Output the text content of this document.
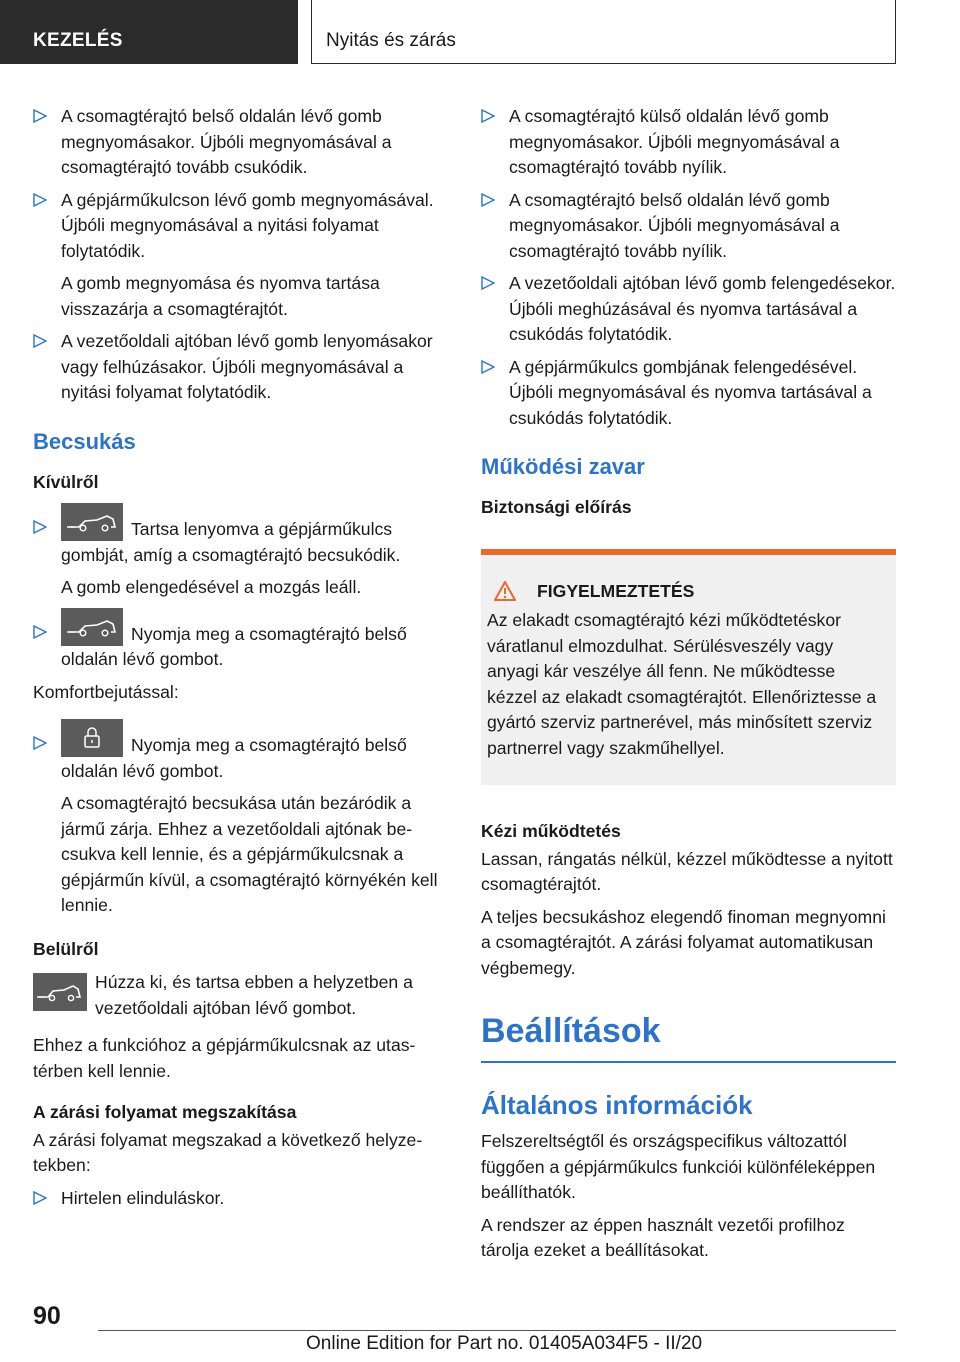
KEZELÉS	Nyitás és zárás
A csomagtérajtó belső oldalán lévő gomb megnyomásakor. Újbóli megnyomásával a csomagtérajtó tovább csukódik.
A gépjárműkulcson lévő gomb megnyomásával. Újbóli megnyomásával a nyitási folyamat folytatódik.
A gomb megnyomása és nyomva tartása visszazárja a csomagtérajtót.
A vezetőoldali ajtóban lévő gomb lenyomásakor vagy felhúzásakor. Újbóli megnyomásával a nyitási folyamat folytatódik.
Becsukás
Kívülről
Tartsa lenyomva a gépjárműkulcs gombját, amíg a csomagtérajtó becsukódik.
A gomb elengedésével a mozgás leáll.
Nyomja meg a csomagtérajtó belső oldalán lévő gombot.
Komfortbejutással:
Nyomja meg a csomagtérajtó belső oldalán lévő gombot.
A csomagtérajtó becsukása után bezáródik a jármű zárja. Ehhez a vezetőoldali ajtónak becsukva kell lennie, és a gépjárműkulcsnak a gépjárműn kívül, a csomagtérajtó környékén kell lennie.
Belülről
Húzza ki, és tartsa ebben a helyzetben a vezetőoldali ajtóban lévő gombot.
Ehhez a funkcióhoz a gépjárműkulcsnak az utastérben kell lennie.
A zárási folyamat megszakítása
A zárási folyamat megszakad a következő helyzetekben:
Hirtelen elinduláskor.
A csomagtérajtó külső oldalán lévő gomb megnyomásakor. Újbóli megnyomásával a csomagtérajtó tovább nyílik.
A csomagtérajtó belső oldalán lévő gomb megnyomásakor. Újbóli megnyomásával a csomagtérajtó tovább nyílik.
A vezetőoldali ajtóban lévő gomb felengedésekor. Újbóli meghúzásával és nyomva tartásával a csukódás folytatódik.
A gépjárműkulcs gombjának felengedésével. Újbóli megnyomásával és nyomva tartásával a csukódás folytatódik.
Működési zavar
Biztonsági előírás
FIGYELMEZTETÉS
Az elakadt csomagtérajtó kézi működtetéskor váratlanul elmozdulhat. Sérülésveszély vagy anyagi kár veszélye áll fenn. Ne működtesse kézzel az elakadt csomagtérajtót. Ellenőriztesse a gyártó szerviz partnerével, más minősített szerviz partnerrel vagy szakműhellyel.
Kézi működtetés
Lassan, rángatás nélkül, kézzel működtesse a nyitott csomagtérajtót.
A teljes becsukáshoz elegendő finoman megnyomni a csomagtérajtót. A zárási folyamat automatikusan végbemegy.
Beállítások
Általános információk
Felszereltségtől és országspecifikus változattól függően a gépjárműkulcs funkciói különféleképpen beállíthatók.
A rendszer az éppen használt vezetői profilhoz tárolja ezeket a beállításokat.
90
Online Edition for Part no. 01405A034F5 - II/20
